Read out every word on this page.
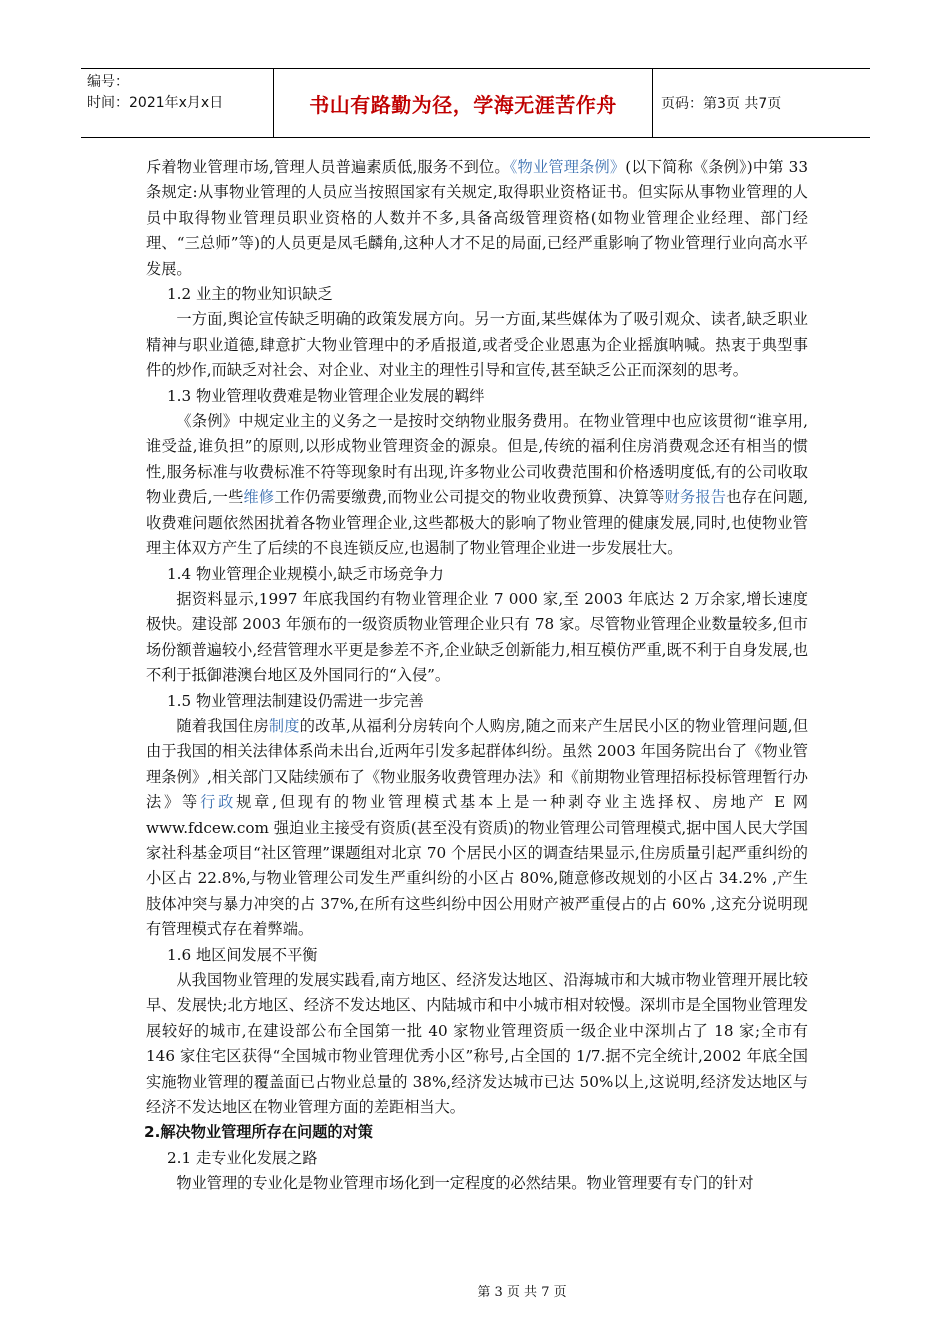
编号：
时间：2021年x月x日	书山有路勤为径，学海无涯苦作舟	页码：第3页 共7页

斥着物业管理市场,管理人员普遍素质低,服务不到位。《物业管理条例》(以下简称《条例》)中第 33 条规定:从事物业管理的人员应当按照国家有关规定,取得职业资格证书。但实际从事物业管理的人员中取得物业管理员职业资格的人数并不多,具备高级管理资格(如物业管理企业经理、部门经理、“三总师”等)的人员更是凤毛麟角,这种人才不足的局面,已经严重影响了物业管理行业向高水平发展。

1.2 业主的物业知识缺乏

一方面,舆论宣传缺乏明确的政策发展方向。另一方面,某些媒体为了吸引观众、读者,缺乏职业精神与职业道德,肆意扩大物业管理中的矛盾报道,或者受企业恩惠为企业摇旗呐喊。热衷于典型事件的炒作,而缺乏对社会、对企业、对业主的理性引导和宣传,甚至缺乏公正而深刻的思考。

1.3 物业管理收费难是物业管理企业发展的羁绊

《条例》中规定业主的义务之一是按时交纳物业服务费用。在物业管理中也应该贯彻“谁享用,谁受益,谁负担”的原则,以形成物业管理资金的源泉。但是,传统的福利住房消费观念还有相当的惯性,服务标准与收费标准不符等现象时有出现,许多物业公司收费范围和价格透明度低,有的公司收取物业费后,一些维修工作仍需要缴费,而物业公司提交的物业收费预算、决算等财务报告也存在问题,收费难问题依然困扰着各物业管理企业,这些都极大的影响了物业管理的健康发展,同时,也使物业管理主体双方产生了后续的不良连锁反应,也遏制了物业管理企业进一步发展壮大。

1.4 物业管理企业规模小,缺乏市场竞争力

据资料显示,1997 年底我国约有物业管理企业 7 000 家,至 2003 年底达 2 万余家,增长速度极快。建设部 2003 年颁布的一级资质物业管理企业只有 78 家。尽管物业管理企业数量较多,但市场份额普遍较小,经营管理水平更是参差不齐,企业缺乏创新能力,相互模仿严重,既不利于自身发展,也不利于抵御港澳台地区及外国同行的“入侵”。

1.5 物业管理法制建设仍需进一步完善

随着我国住房制度的改革,从福利分房转向个人购房,随之而来产生居民小区的物业管理问题,但由于我国的相关法律体系尚未出台,近两年引发多起群体纠纷。虽然 2003 年国务院出台了《物业管理条例》,相关部门又陆续颁布了《物业服务收费管理办法》和《前期物业管理招标投标管理暂行办法》等行政规章,但现有的物业管理模式基本上是一种剥夺业主选择权、房地产 E 网 www.fdcew.com 强迫业主接受有资质(甚至没有资质)的物业管理公司管理模式,据中国人民大学国家社科基金项目“社区管理”课题组对北京 70 个居民小区的调查结果显示,住房质量引起严重纠纷的小区占 22.8%,与物业管理公司发生严重纠纷的小区占 80%,随意修改规划的小区占 34.2% ,产生肢体冲突与暴力冲突的占 37%,在所有这些纠纷中因公用财产被严重侵占的占 60% ,这充分说明现有管理模式存在着弊端。

1.6 地区间发展不平衡

从我国物业管理的发展实践看,南方地区、经济发达地区、沿海城市和大城市物业管理开展比较早、发展快;北方地区、经济不发达地区、内陆城市和中小城市相对较慢。深圳市是全国物业管理发展较好的城市,在建设部公布全国第一批 40 家物业管理资质一级企业中深圳占了 18 家;全市有 146 家住宅区获得“全国城市物业管理优秀小区”称号,占全国的 1/7.据不完全统计,2002 年底全国实施物业管理的覆盖面已占物业总量的 38%,经济发达城市已达 50%以上,这说明,经济发达地区与经济不发达地区在物业管理方面的差距相当大。

2.解决物业管理所存在问题的对策

2.1 走专业化发展之路

物业管理的专业化是物业管理市场化到一定程度的必然结果。物业管理要有专门的针对

第 3 页 共 7 页
